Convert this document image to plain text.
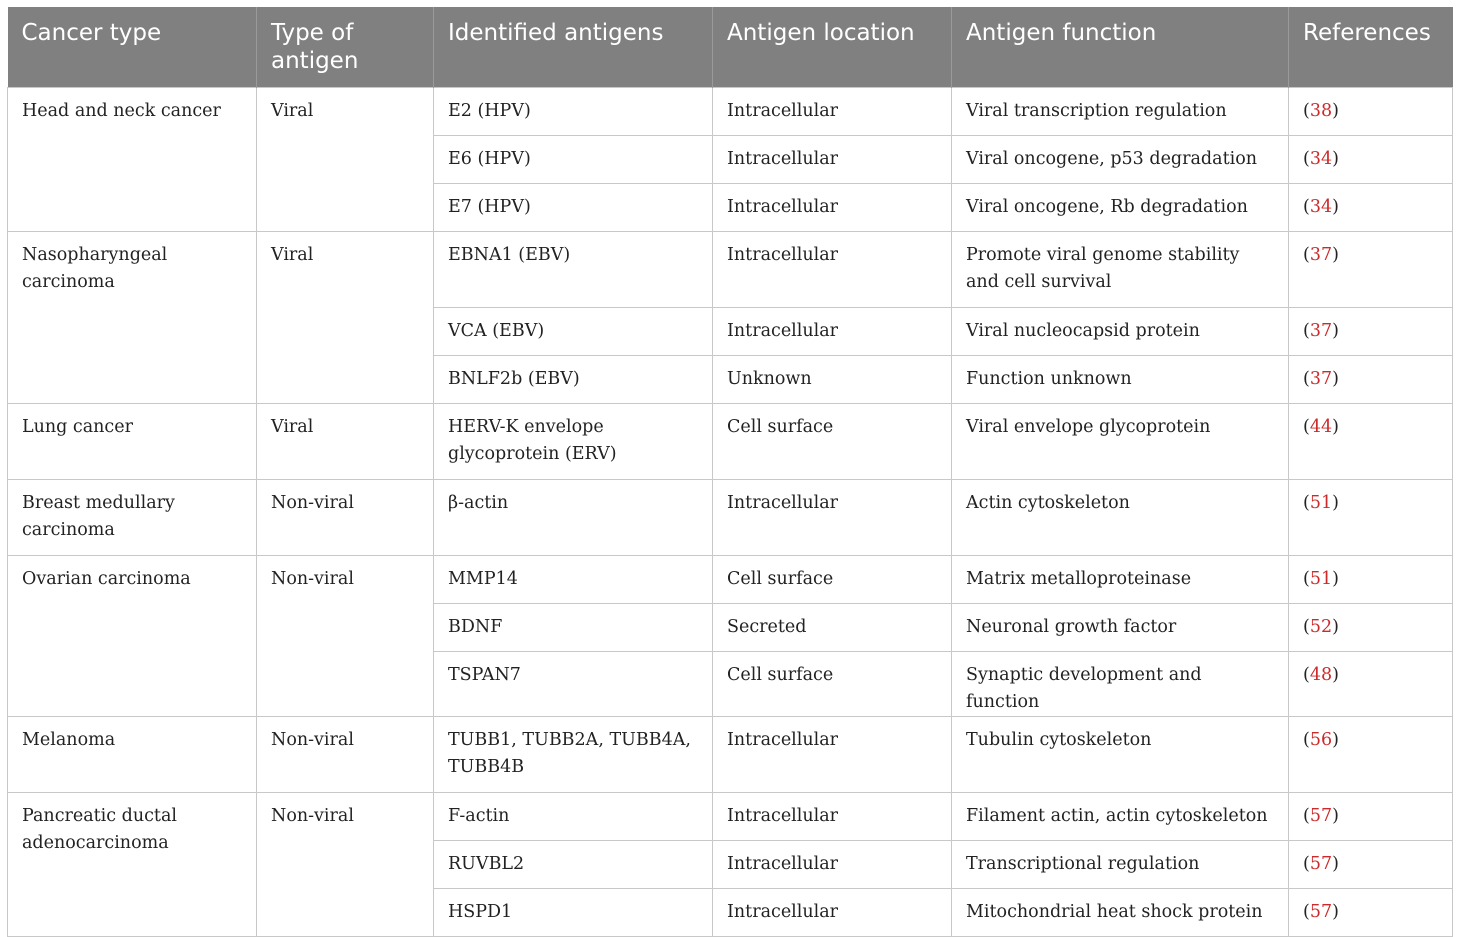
Cancer type	Type of antigen	Identified antigens	Antigen location	Antigen function	References
Head and neck cancer	Viral	E2 (HPV)	Intracellular	Viral transcription regulation	(38)
		E6 (HPV)	Intracellular	Viral oncogene, p53 degradation	(34)
		E7 (HPV)	Intracellular	Viral oncogene, Rb degradation	(34)
Nasopharyngeal carcinoma	Viral	EBNA1 (EBV)	Intracellular	Promote viral genome stability and cell survival	(37)
		VCA (EBV)	Intracellular	Viral nucleocapsid protein	(37)
		BNLF2b (EBV)	Unknown	Function unknown	(37)
Lung cancer	Viral	HERV-K envelope glycoprotein (ERV)	Cell surface	Viral envelope glycoprotein	(44)
Breast medullary carcinoma	Non-viral	β-actin	Intracellular	Actin cytoskeleton	(51)
Ovarian carcinoma	Non-viral	MMP14	Cell surface	Matrix metalloproteinase	(51)
		BDNF	Secreted	Neuronal growth factor	(52)
		TSPAN7	Cell surface	Synaptic development and function	(48)
Melanoma	Non-viral	TUBB1, TUBB2A, TUBB4A, TUBB4B	Intracellular	Tubulin cytoskeleton	(56)
Pancreatic ductal adenocarcinoma	Non-viral	F-actin	Intracellular	Filament actin, actin cytoskeleton	(57)
		RUVBL2	Intracellular	Transcriptional regulation	(57)
		HSPD1	Intracellular	Mitochondrial heat shock protein	(57)
